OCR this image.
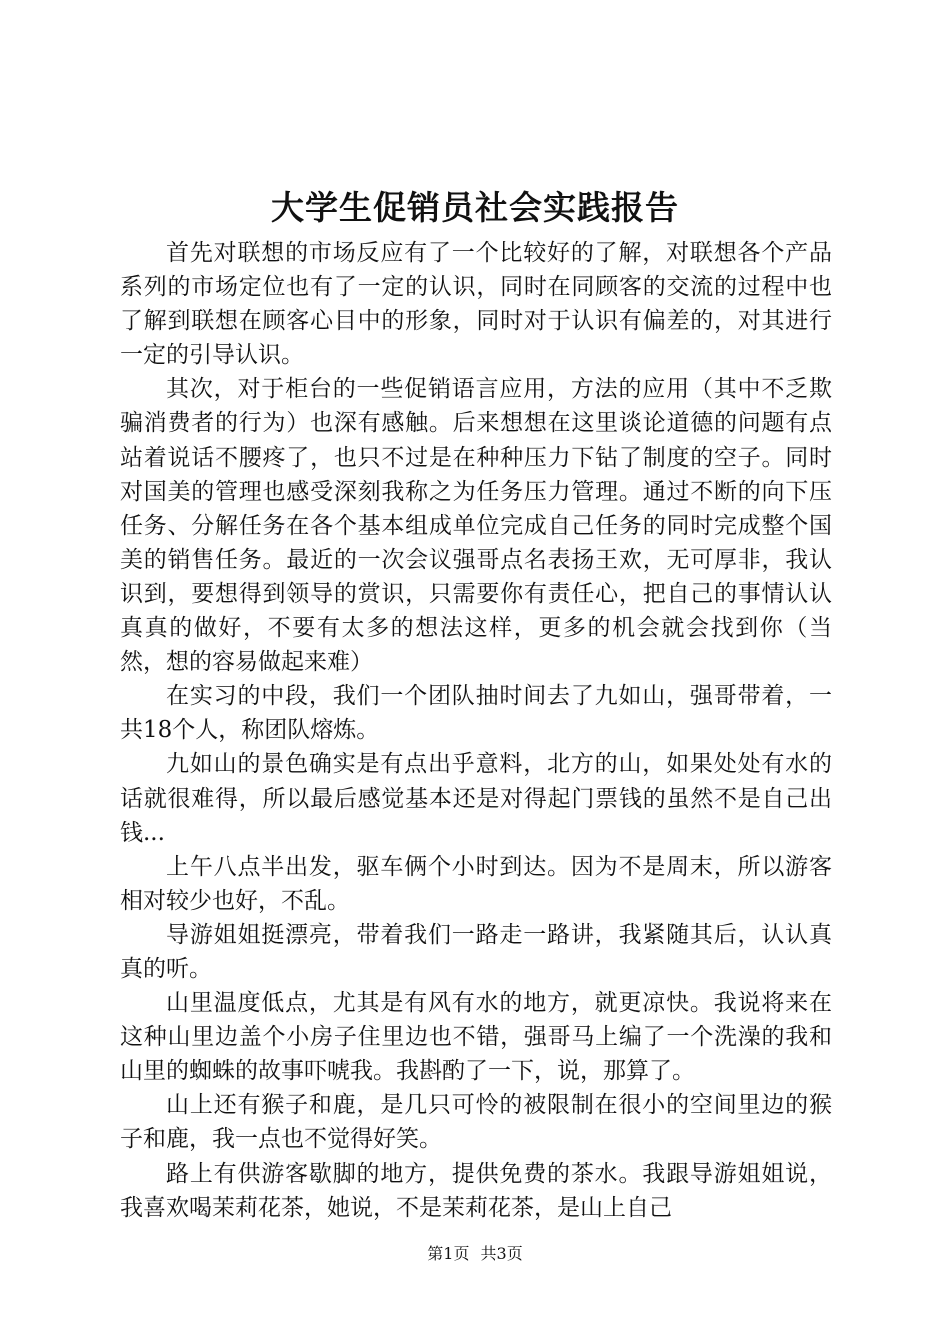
大学生促销员社会实践报告

首先对联想的市场反应有了一个比较好的了解，对联想各个产品系列的市场定位也有了一定的认识，同时在同顾客的交流的过程中也了解到联想在顾客心目中的形象，同时对于认识有偏差的，对其进行一定的引导认识。

其次，对于柜台的一些促销语言应用，方法的应用（其中不乏欺骗消费者的行为）也深有感触。后来想想在这里谈论道德的问题有点站着说话不腰疼了，也只不过是在种种压力下钻了制度的空子。同时对国美的管理也感受深刻我称之为任务压力管理。通过不断的向下压任务、分解任务在各个基本组成单位完成自己任务的同时完成整个国美的销售任务。最近的一次会议强哥点名表扬王欢，无可厚非，我认识到，要想得到领导的赏识，只需要你有责任心，把自己的事情认认真真的做好，不要有太多的想法这样，更多的机会就会找到你（当然，想的容易做起来难）

在实习的中段，我们一个团队抽时间去了九如山，强哥带着，一共18个人，称团队熔炼。

九如山的景色确实是有点出乎意料，北方的山，如果处处有水的话就很难得，所以最后感觉基本还是对得起门票钱的虽然不是自己出钱...

上午八点半出发，驱车俩个小时到达。因为不是周末，所以游客相对较少也好，不乱。

导游姐姐挺漂亮，带着我们一路走一路讲，我紧随其后，认认真真的听。

山里温度低点，尤其是有风有水的地方，就更凉快。我说将来在这种山里边盖个小房子住里边也不错，强哥马上编了一个洗澡的我和山里的蜘蛛的故事吓唬我。我斟酌了一下，说，那算了。

山上还有猴子和鹿，是几只可怜的被限制在很小的空间里边的猴子和鹿，我一点也不觉得好笑。

路上有供游客歇脚的地方，提供免费的茶水。我跟导游姐姐说，我喜欢喝茉莉花茶，她说，不是茉莉花茶，是山上自己

第1页 共3页
